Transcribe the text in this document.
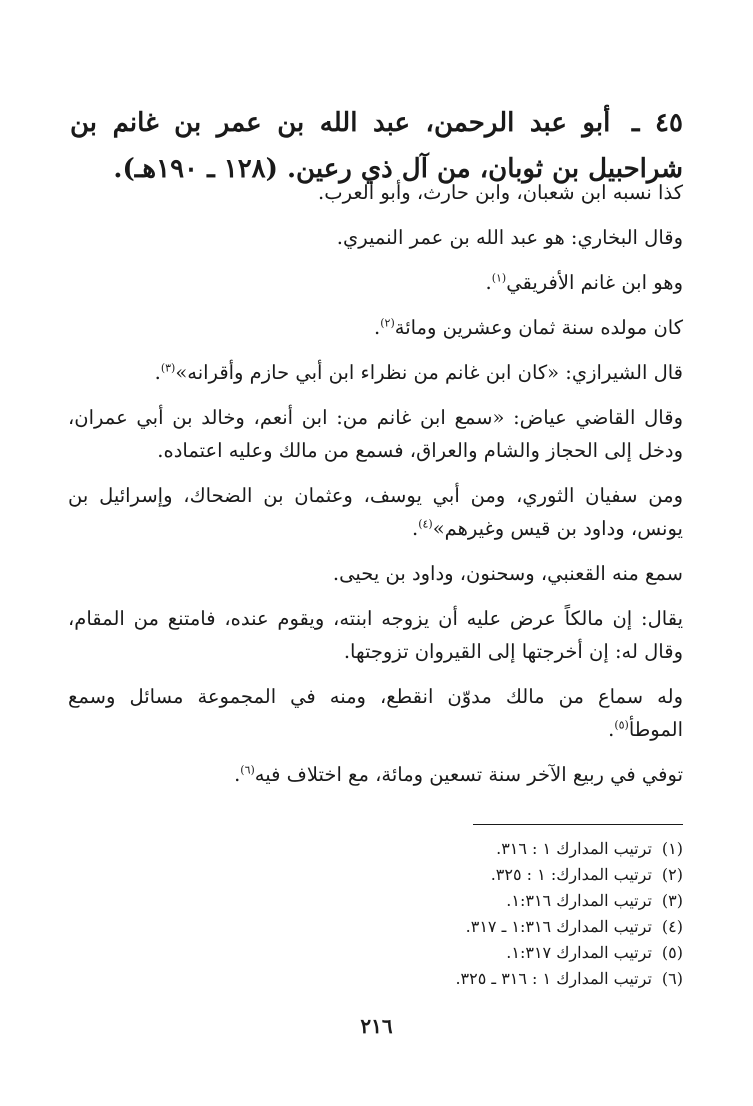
٤٥ ـ أبو عبد الرحمن، عبد الله بن عمر بن غانم بن شراحبيل بن ثوبان، من آل ذي رعين. (١٢٨ ـ ١٩٠هـ).

كذا نسبه ابن شعبان، وابن حارث، وأبو العرب.

وقال البخاري: هو عبد الله بن عمر النميري.

وهو ابن غانم الأفريقي$^{(١)}$.

كان مولده سنة ثمان وعشرين ومائة$^{(٢)}$.

قال الشيرازي: «كان ابن غانم من نظراء ابن أبي حازم وأقرانه»$^{(٣)}$.

وقال القاضي عياض: «سمع ابن غانم من: ابن أنعم، وخالد بن أبي عمران، ودخل إلى الحجاز والشام والعراق، فسمع من مالك وعليه اعتماده.

ومن سفيان الثوري، ومن أبي يوسف، وعثمان بن الضحاك، وإسرائيل بن يونس، وداود بن قيس وغيرهم»$^{(٤)}$.

سمع منه القعنبي، وسحنون، وداود بن يحيى.

يقال: إن مالكاً عرض عليه أن يزوجه ابنته، ويقوم عنده، فامتنع من المقام، وقال له: إن أخرجتها إلى القيروان تزوجتها.

وله سماع من مالك مدوّن انقطع، ومنه في المجموعة مسائل وسمع الموطأ$^{(٥)}$.

توفي في ربيع الآخر سنة تسعين ومائة، مع اختلاف فيه$^{(٦)}$.

(١)ترتيب المدارك ١ : ٣١٦.
(٢)ترتيب المدارك: ١ : ٣٢٥.
(٣)ترتيب المدارك ١:٣١٦.
(٤)ترتيب المدارك ١:٣١٦ ـ ٣١٧.
(٥)ترتيب المدارك ١:٣١٧.
(٦)ترتيب المدارك ١ : ٣١٦ ـ ٣٢٥.
٢١٦
